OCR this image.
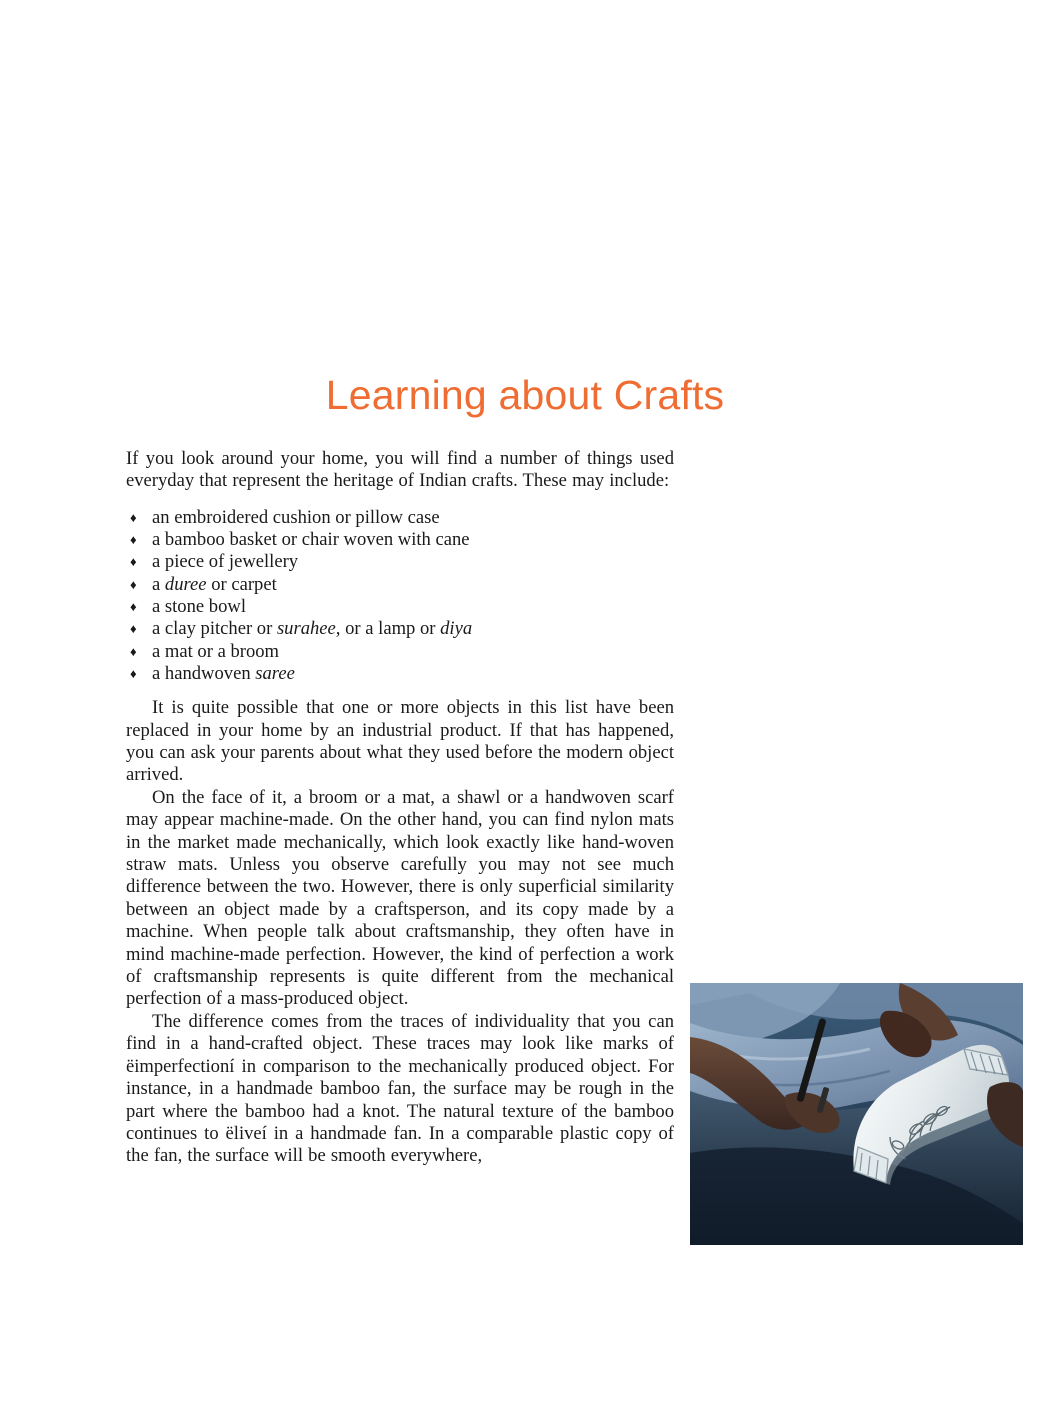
Learning about Crafts

If you look around your home, you will find a number of things used everyday that represent the heritage of Indian crafts. These may include:

♦ an embroidered cushion or pillow case
♦ a bamboo basket or chair woven with cane
♦ a piece of jewellery
♦ a duree or carpet
♦ a stone bowl
♦ a clay pitcher or surahee, or a lamp or diya
♦ a mat or a broom
♦ a handwoven saree

It is quite possible that one or more objects in this list have been replaced in your home by an industrial product. If that has happened, you can ask your parents about what they used before the modern object arrived.

On the face of it, a broom or a mat, a shawl or a handwoven scarf may appear machine-made. On the other hand, you can find nylon mats in the market made mechanically, which look exactly like hand-woven straw mats. Unless you observe carefully you may not see much difference between the two. However, there is only superficial similarity between an object made by a craftsperson, and its copy made by a machine. When people talk about craftsmanship, they often have in mind machine-made perfection. However, the kind of perfection a work of craftsmanship represents is quite different from the mechanical perfection of a mass-produced object.

The difference comes from the traces of individuality that you can find in a hand-crafted object. These traces may look like marks of ëimperfectioní in comparison to the mechanically produced object. For instance, in a handmade bamboo fan, the surface may be rough in the part where the bamboo had a knot. The natural texture of the bamboo continues to ëliveí in a handmade fan. In a comparable plastic copy of the fan, the surface will be smooth everywhere,
